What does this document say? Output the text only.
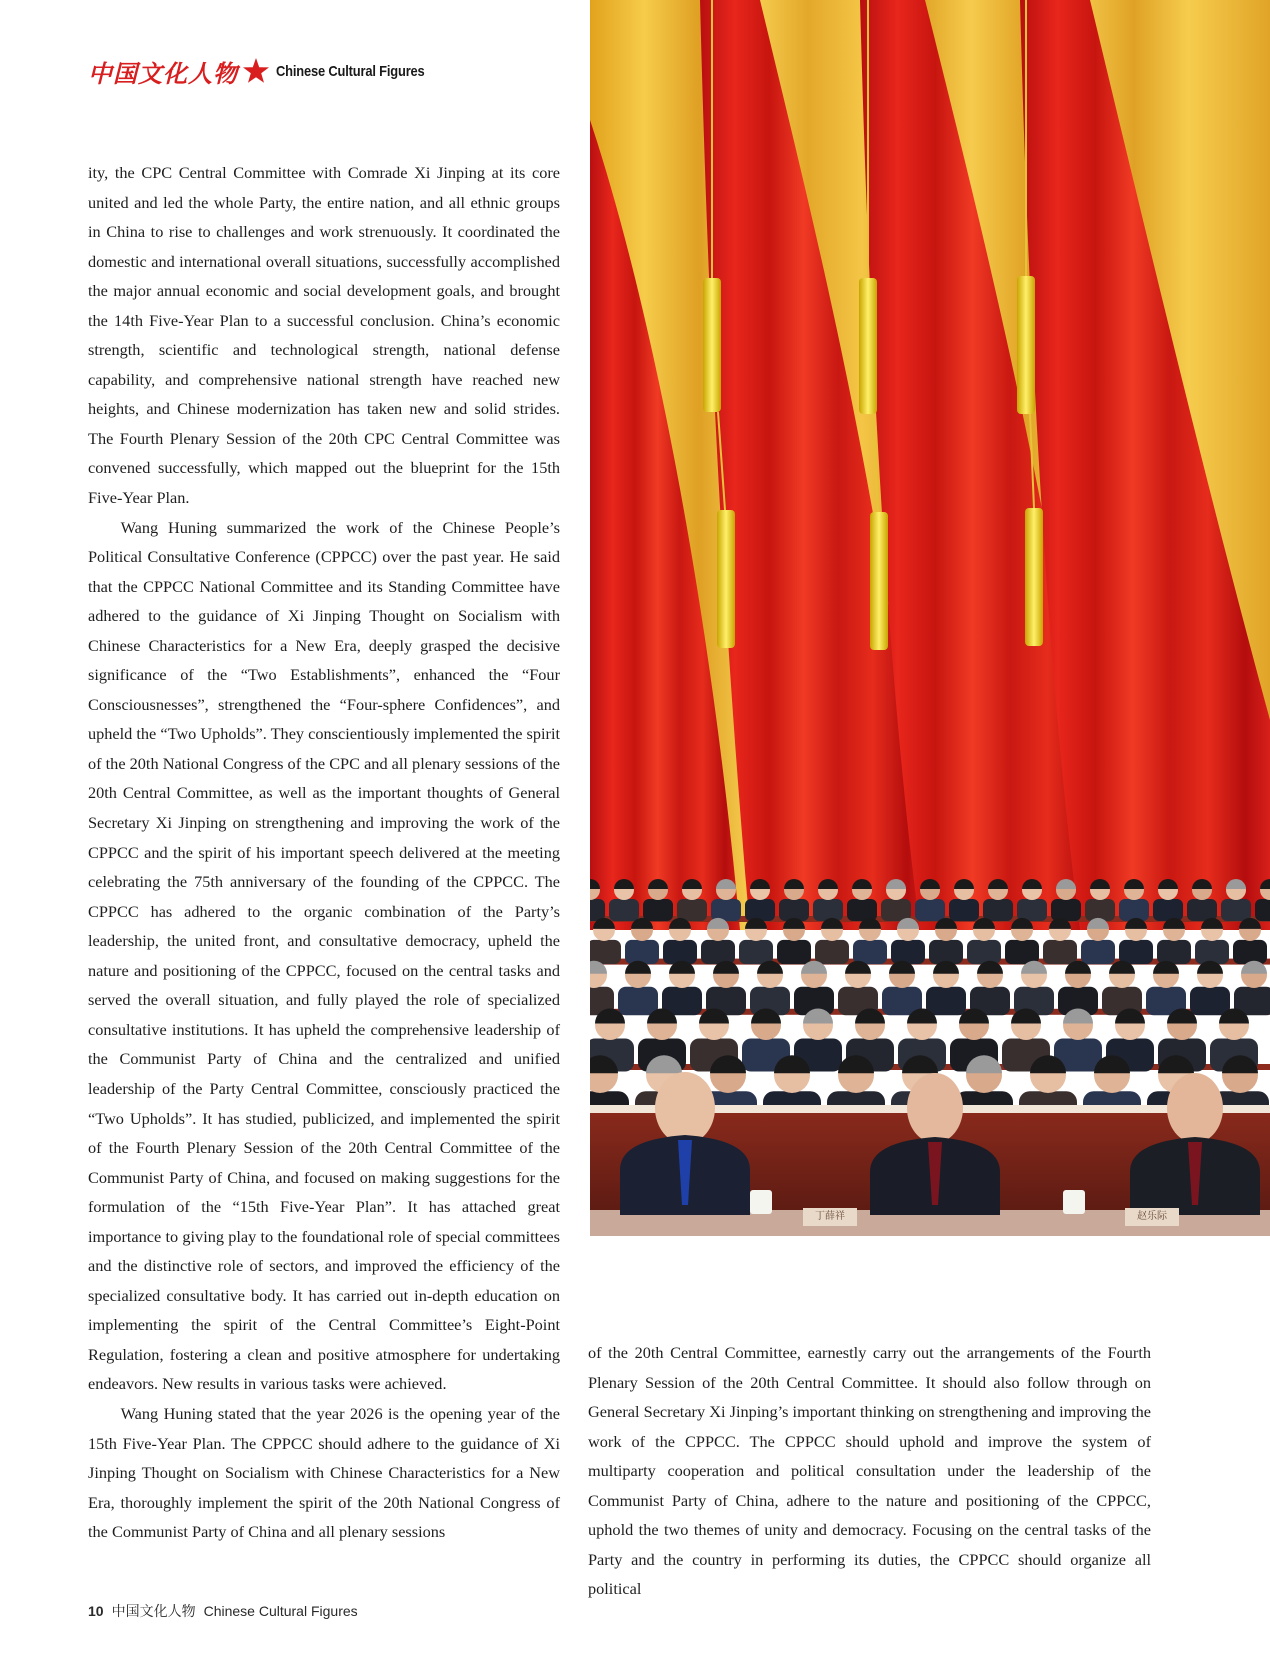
中国文化人物	Chinese Cultural Figures

ity, the CPC Central Committee with Comrade Xi Jinping at its core united and led the whole Party, the entire nation, and all ethnic groups in China to rise to challenges and work strenuously. It coordinated the domestic and international overall situations, successfully accomplished the major annual economic and social development goals, and brought the 14th Five-Year Plan to a successful conclusion. China’s economic strength, scientific and technological strength, national defense capability, and comprehensive national strength have reached new heights, and Chinese modernization has taken new and solid strides. The Fourth Plenary Session of the 20th CPC Central Committee was convened successfully, which mapped out the blueprint for the 15th Five-Year Plan.

Wang Huning summarized the work of the Chinese People’s Political Consultative Conference (CPPCC) over the past year. He said that the CPPCC National Committee and its Standing Committee have adhered to the guidance of Xi Jinping Thought on Socialism with Chinese Characteristics for a New Era, deeply grasped the decisive significance of the “Two Establishments”, enhanced the “Four Consciousnesses”, strengthened the “Four-sphere Confidences”, and upheld the “Two Upholds”. They conscientiously implemented the spirit of the 20th National Congress of the CPC and all plenary sessions of the 20th Central Committee, as well as the important thoughts of General Secretary Xi Jinping on strengthening and improving the work of the CPPCC and the spirit of his important speech delivered at the meeting celebrating the 75th anniversary of the founding of the CPPCC. The CPPCC has adhered to the organic combination of the Party’s leadership, the united front, and consultative democracy, upheld the nature and positioning of the CPPCC, focused on the central tasks and served the overall situation, and fully played the role of specialized consultative institutions. It has upheld the comprehensive leadership of the Communist Party of China and the centralized and unified leadership of the Party Central Committee, consciously practiced the “Two Upholds”. It has studied, publicized, and implemented the spirit of the Fourth Plenary Session of the 20th Central Committee of the Communist Party of China, and focused on making suggestions for the formulation of the “15th Five-Year Plan”. It has attached great importance to giving play to the foundational role of special committees and the distinctive role of sectors, and improved the efficiency of the specialized consultative body. It has carried out in-depth education on implementing the spirit of the Central Committee’s Eight-Point Regulation, fostering a clean and positive atmosphere for undertaking endeavors. New results in various tasks were achieved.

Wang Huning stated that the year 2026 is the opening year of the 15th Five-Year Plan. The CPPCC should adhere to the guidance of Xi Jinping Thought on Socialism with Chinese Characteristics for a New Era, thoroughly implement the spirit of the 20th National Congress of the Communist Party of China and all plenary sessions

丁薛祥	赵乐际

of the 20th Central Committee, earnestly carry out the arrangements of the Fourth Plenary Session of the 20th Central Committee. It should also follow through on General Secretary Xi Jinping’s important thinking on strengthening and improving the work of the CPPCC. The CPPCC should uphold and improve the system of multiparty cooperation and political consultation under the leadership of the Communist Party of China, adhere to the nature and positioning of the CPPCC, uphold the two themes of unity and democracy. Focusing on the central tasks of the Party and the country in performing its duties, the CPPCC should organize all political

10 中国文化人物 Chinese Cultural Figures
